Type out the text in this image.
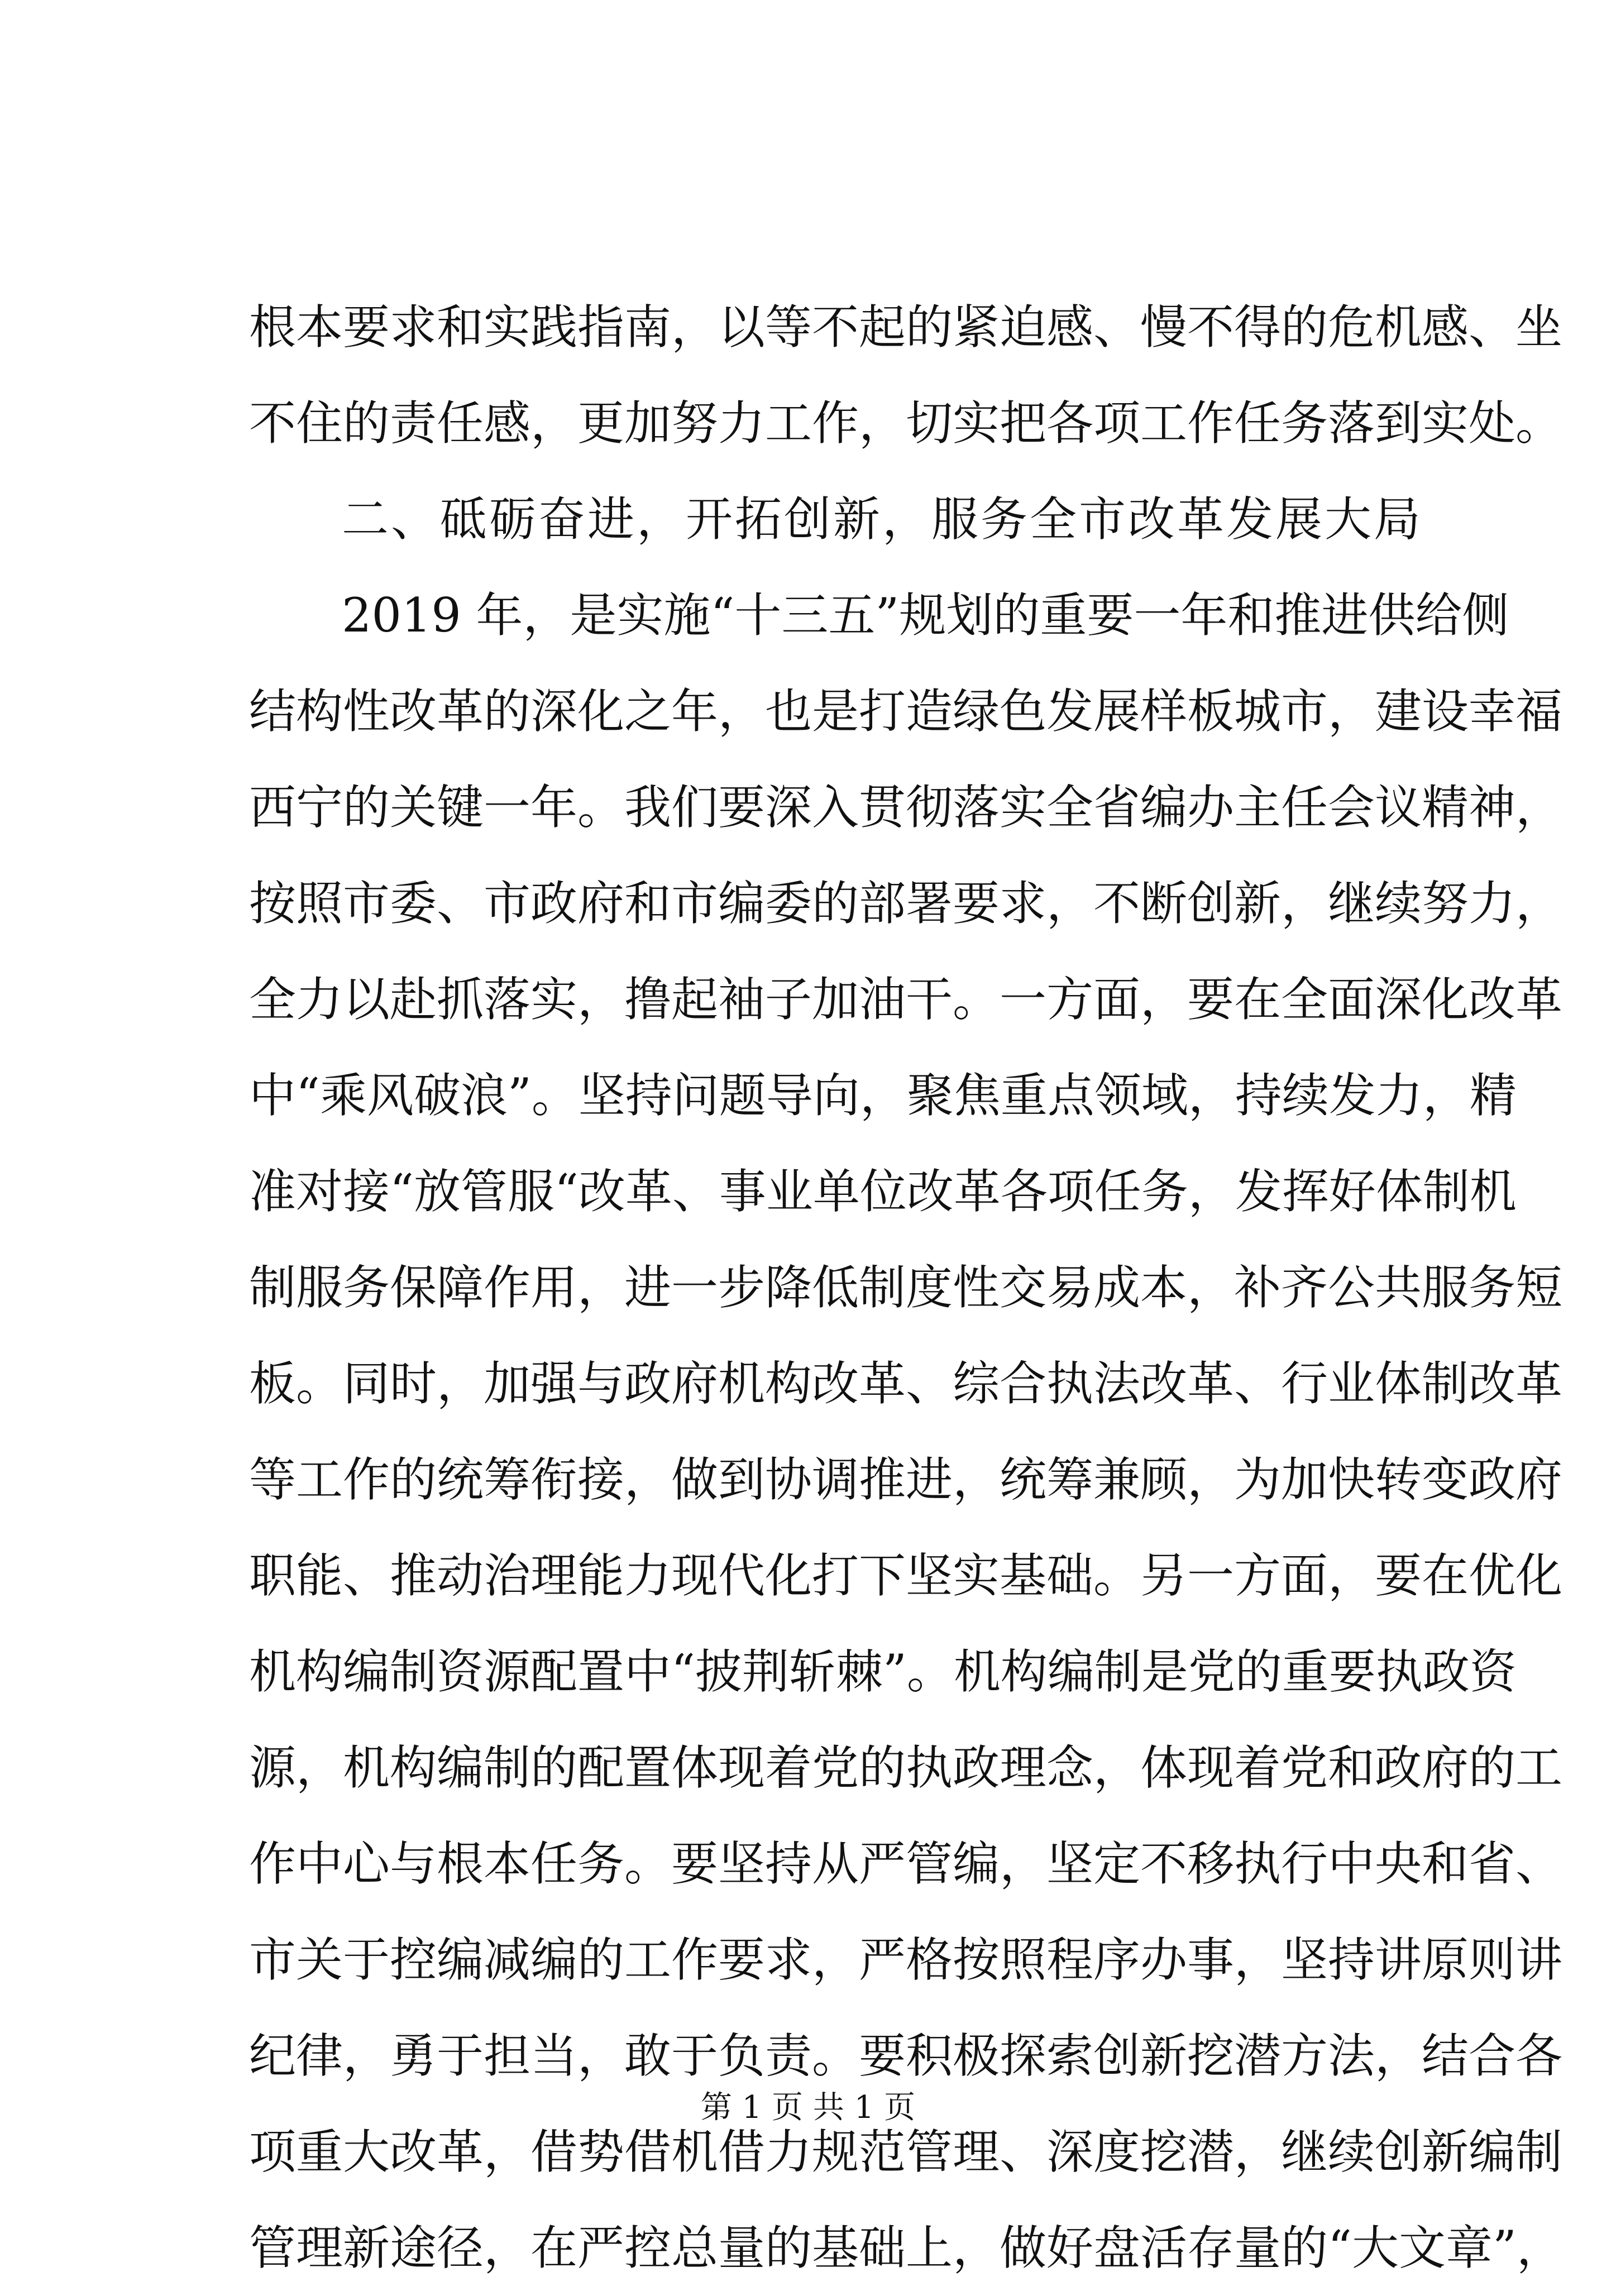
根本要求和实践指南，以等不起的紧迫感、慢不得的危机感、坐
不住的责任感，更加努力工作，切实把各项工作任务落到实处。
二、砥砺奋进，开拓创新，服务全市改革发展大局
2019 年，是实施“十三五”规划的重要一年和推进供给侧
结构性改革的深化之年，也是打造绿色发展样板城市，建设幸福
西宁的关键一年。我们要深入贯彻落实全省编办主任会议精神，
按照市委、市政府和市编委的部署要求，不断创新，继续努力，
全力以赴抓落实，撸起袖子加油干。一方面，要在全面深化改革
中“乘风破浪”。坚持问题导向，聚焦重点领域，持续发力，精
准对接“放管服“改革、事业单位改革各项任务，发挥好体制机
制服务保障作用，进一步降低制度性交易成本，补齐公共服务短
板。同时，加强与政府机构改革、综合执法改革、行业体制改革
等工作的统筹衔接，做到协调推进，统筹兼顾，为加快转变政府
职能、推动治理能力现代化打下坚实基础。另一方面，要在优化
机构编制资源配置中“披荆斩棘”。机构编制是党的重要执政资
源，机构编制的配置体现着党的执政理念，体现着党和政府的工
作中心与根本任务。要坚持从严管编，坚定不移执行中央和省、
市关于控编减编的工作要求，严格按照程序办事，坚持讲原则讲
纪律，勇于担当，敢于负责。要积极探索创新挖潜方法，结合各
项重大改革，借势借机借力规范管理、深度挖潜，继续创新编制
管理新途径，在严控总量的基础上，做好盘活存量的“大文章”，
第 1 页 共 1 页
